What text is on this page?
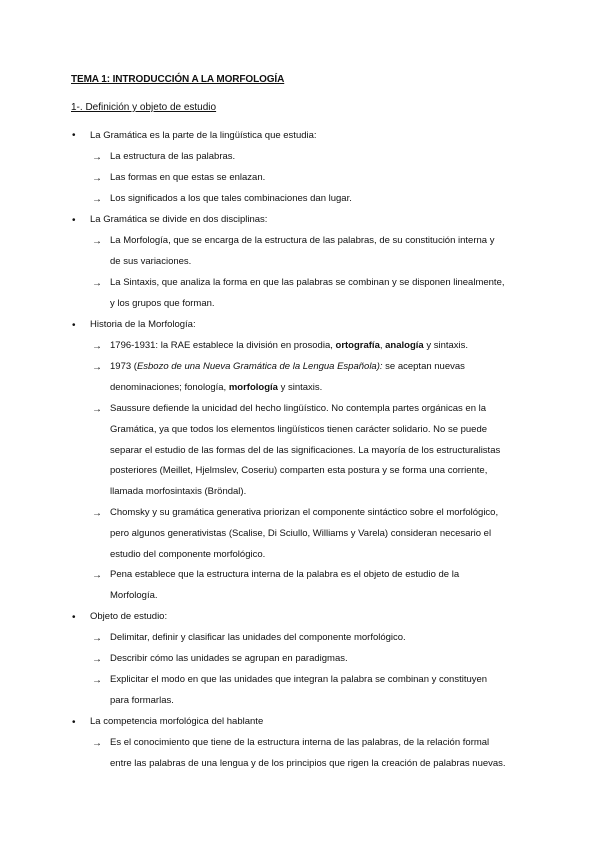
TEMA 1: INTRODUCCIÓN A LA MORFOLOGÍA
1-. Definición y objeto de estudio
• La Gramática es la parte de la lingüística que estudia:
→ La estructura de las palabras.
→ Las formas en que estas se enlazan.
→ Los significados a los que tales combinaciones dan lugar.
• La Gramática se divide en dos disciplinas:
→ La Morfología, que se encarga de la estructura de las palabras, de su constitución interna y
de sus variaciones.
→ La Sintaxis, que analiza la forma en que las palabras se combinan y se disponen linealmente,
y los grupos que forman.
• Historia de la Morfología:
→ 1796-1931: la RAE establece la división en prosodia, ortografía, analogía y sintaxis.
→ 1973 (Esbozo de una Nueva Gramática de la Lengua Española): se aceptan nuevas
denominaciones; fonología, morfología y sintaxis.
→ Saussure defiende la unicidad del hecho lingüístico. No contempla partes orgánicas en la
Gramática, ya que todos los elementos lingüísticos tienen carácter solidario. No se puede
separar el estudio de las formas del de las significaciones. La mayoría de los estructuralistas
posteriores (Meillet, Hjelmslev, Coseriu) comparten esta postura y se forma una corriente,
llamada morfosintaxis (Bröndal).
→ Chomsky y su gramática generativa priorizan el componente sintáctico sobre el morfológico,
pero algunos generativistas (Scalise, Di Sciullo, Williams y Varela) consideran necesario el
estudio del componente morfológico.
→ Pena establece que la estructura interna de la palabra es el objeto de estudio de la
Morfología.
• Objeto de estudio:
→ Delimitar, definir y clasificar las unidades del componente morfológico.
→ Describir cómo las unidades se agrupan en paradigmas.
→ Explicitar el modo en que las unidades que integran la palabra se combinan y constituyen
para formarlas.
• La competencia morfológica del hablante
→ Es el conocimiento que tiene de la estructura interna de las palabras, de la relación formal
entre las palabras de una lengua y de los principios que rigen la creación de palabras nuevas.
